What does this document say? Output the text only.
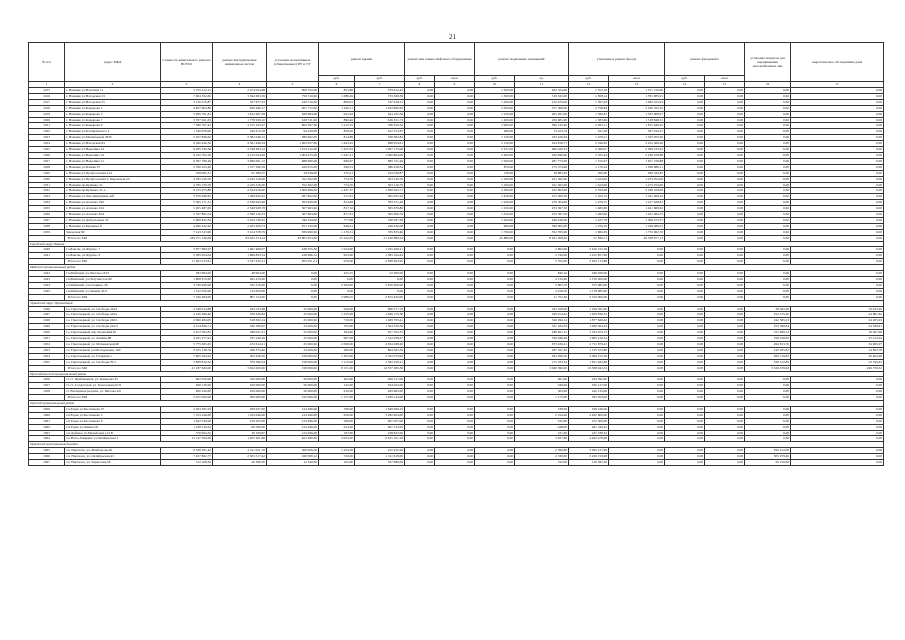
21
№ п/п	Адрес МКД	Стоимость капитального ремонта ВСЕГО	ремонт внутридомовых инженерных систем	установка коллективных (общедомовых) ПУ и УУ	ремонт крыши		ремонт или замена лифтового оборудования		ремонт подвальных помещений		утепление и ремонт фасада		ремонт фундамента		установка пандусов для передвижения маломобильных лиц	энергетическое обследование дома	
					руб.	руб.	руб.	кв.м	руб.	ед.	руб.	кв.м	руб.	кв.м					
1	2	3	4	5	6	7	8	9	10	11	12	13	14	15	16	17	
1015	г. Нальчик ул.Ватутина 11	3 370 412,15	2 474 024,68	608 702,00	853,80	533 612,45	0,00	0,00	1 300,00	262 354,00	1 553,18	1 571 210,00	0,00	0,00	0,00	0,00	
1016	г. Нальчик ул.Нагорская 13	7 004 762,65	3 394 693,39	756 319,00	1 088,49	733 308,39	0,00	0,00	1 300,00	319 345,00	1 858,14	1 781 985,91	0,00	0,00	0,00	0,00	
1017	г. Нальчик ул.Нагорская 25	5 120 270,87	527 677,23	249 310,00	899,91	547 618,21	0,00	0,00	1 200,00	212 476,00	1 597,03	1 482 915,43	0,00	0,00	0,00	0,00	
1018	г. Нальчик ул.Кадырова 1	4 857 603,80	830 296,17	401 772,00	1 450,11	1 043 890,63	0,00	0,00	2 300,00	371 369,00	2 758,84	2 190 352,35	0,00	0,00	0,00	0,00	
1019	г. Нальчик ул.Кадырова 5	5 850 791,81	1 812 667,58	628 684,00	921,02	624 162,36	0,00	0,00	1 250,00	265 497,00	1 599,81	1 533 008,07	0,00	0,00	0,00	0,00	
1020	г. Нальчик ул.Кадырова 7	3 767 041,63	1 776 939,10	618 721,00	890,46	616 351,73	0,00	0,00	1 200,00	256 681,00	1 583,96	1 518 848,31	0,00	0,00	0,00	0,00	
1021	г. Нальчик ул.Кадырова 9	7 380 767,43	3 315 103,27	864 367,00	1 212,55	786 320,32	0,00	0,00	1 900,00	399 120,40	2 055,11	1 815 648,45	0,00	0,00	0,00	0,00	
1022	г. Нальчик ул.Котляревского 4	1 540 678,00	199 415,58	94 229,00	830,20	612 153,87	0,00	0,00	466,00	73 223,76	611,58	567 616,27	0,00	0,00	0,00	0,00	
1023	г. Нальчик ул.Малыбаевой 28 В	5 027 849,62	2 382 048,15	580 962,00	814,89	528 382,82	0,00	0,00	1 150,00	233 429,64	1 479,21	1 323 055,00	0,00	0,00	0,00	0,00	
1024	г. Нальчик ул.Нагорская 93	9 360 440,56	4 501 446,34	1 002 957,00	1 443,45	998 954,01	0,00	0,00	2 150,00	454 816,77	2 349,62	2 252 466,26	0,00	0,00	0,00	0,00	
1025	г. Нальчик ул.Неделина 14	9 285 330,36	4 538 493,12	1 013 212,00	1 455,33	1 007 175,06	0,00	0,00	2 431,00	460 420,33	2 366,07	2 268 233,22	0,00	0,00	0,00	0,00	
1026	г. Нальчик ул.Неделина 16	9 232 702,30	4 155 034,09	1 004 475,00	1 447,21	1 000 864,09	0,00	0,00	2 400,00	450 840,00	2 355,44	2 258 229,88	0,00	0,00	0,00	0,00	
1027	г. Нальчик ул.Неделина 21	6 397 796,49	3 090 061,12	688 690,00	990,67	685 741,49	0,00	0,00	1 500,00	281 775,00	1 722,97	1 651 728,88	0,00	0,00	0,00	0,00	
1028	г. Нальчик ул.Пачева 27	3 766 325,26	1 727 396,59	420 915,00	396,51	386 458,54	0,00	0,00	870,00	175 374,60	1 176,24	1 056 986,11	0,00	0,00	0,00	0,00	
1029	г. Нальчик ул.Профсоюзная 214	558 082,31	61 380,37	29 948,00	270,21	194 526,87	0,00	0,00	130,00	18 883,20	290,06	269 343,87	0,00	0,00	0,00	0,00	
1030	г. Нальчик ул.Профсоюзная 2. Кировская 23	4 795 150,70	2 245 316,00	552 302,00	774,70	503 316,70	0,00	0,00	1 100,00	221 562,00	1 424,00	1 273 254,00	0,00	0,00	0,00	0,00	
1031	г. Нальчик пр.Кулиева, 21	4 795 150,70	2 245 316,00	552 302,00	774,70	503 316,70	0,00	0,00	1 100,00	221 562,00	1 424,00	1 273 254,00	0,00	0,00	0,00	0,00	
1032	г. Нальчик пр.Кулиева, 21-а	9 215 075,88	4 554 919,00	1 009 699,00	1 447,37	1 000 945,71	0,00	0,00	2 300,00	452 893,00	2 350,60	2 258 109,00	0,00	0,00	0,00	0,00	
1033	г. Нальчик ул.Лих.Дмитриева 42б	3 376 298,65	1 599 932,22	367 822,00	517,91	365 655,24	0,00	0,00	1 450,00	272 382,50	1 452,72	1 421 409,42	0,00	0,00	0,00	0,00	
1034	г. Нальчик ул.Ахохова 190	5 365 171,31	2 538 643,06	563 629,00	814,09	563 371,46	0,00	0,00	1 440,00	270 304,00	1 478,15	1 417 028,81	0,00	0,00	0,00	0,00	
1035	г. Нальчик ул.Ахохова 194	5 205 487,65	2 349 928,78	567 963,00	817,52	565 676,86	0,00	0,00	1 250,00	253 397,50	1 482,96	1 421 669,92	0,00	0,00	0,00	0,00	
1036	г. Нальчик ул.Ахохова 30А	5 537 863,54	2 599 120,33	567 964,00	817,61	565 696,76	0,00	0,00	1 250,00	253 397,50	1 482,90	1 421 484,75	0,00	0,00	0,00	0,00	
1037	г. Нальчик ул.Дебуллокова 33	5 069 832,34	2 425 538,45	540 344,00	777,68	538 187,58	0,00	0,00	1 200,00	229 430,00	1 427,76	1 366 272,37	0,00	0,00	0,00	0,00	
1038	г. Нальчик ул.Бауманьа 8	4 290 422,42	2 025 206,73	451 232,00	649,61	449 430,08	0,00	0,00	900,00	369 065,00	1 250,16	1 198 480,01	0,00	0,00	0,00	0,00	
1039	Заводская 82	7 143 323,90	3 414 578,79	839 960,00	1 170,31	765 833,46	0,00	0,00	1 700,00	352 765,00	1 982,09	1 772 962,70	0,00	0,00	0,00	0,00	
	Итого по МО	184 271 146,08	84 633 374,24	29 805 653,00	31 242,05	21 430 890,22	0,00	0,00	45 880,00	8 631 209,30	51 836,71	49 768 077,13	0,00	0,00	0,00	0,00	
Городской округ Баксан																	
1040	г.о.Баксан, ул.Фрунзе, 7	5 877 669,57	1 467 408,07	438 355,36	1 024,00	1 455 499,21	0,00	0,00	0,00	2 862,00	2 616 155,39	0,00	0,00	0,00	0,00	0,00	
1041	г.о.Баксан, ул.Фрунзе, 9	5 585 654,04	1 869 823,54	416 696,12	952,00	1 383 164,44	0,00	0,00	0,00	2 740,00	1 915 857,99	0,00	0,00	0,00	0,00	0,00	
	Итого по МО	11 463 313,61	3 337 432,21	855 051,51	976,00	2 838 663,65	0,00	0,00	0,00	5 552,00	3 932 113,88	0,00	0,00	0,00	0,00	0,00	
Майский муниципальный район																	
1042	г.п.Майский, ул.Энгельса 63/1	283 984,00	48 904,00	0,00	425,25	52 050,00	0,00	0,00	0,00	840,10	180 030,00	0,00	0,00	0,00	0,00	0,00	
1043	г.п.Майский, ул.Энтузиастов 90	1 808 670,00	292 470,00	0,00	0,00	0,00	0,00	0,00	0,00	4 132,00	1 576 200,00	0,00	0,00	0,00	0,00	0,00	
1044	г.п.Майский, ул.Гагарина, 26	3 758 490,00	332 210,00	0,00	2 564,00	2 810 400,00	0,00	0,00	0,00	3 863,70	575 985,00	0,00	0,00	0,00	0,00	0,00	
1045	г.п.Майский, ул.Ленина 43/2	1 312 350,00	133 650,00	0,00	0,00	0,00	0,00	0,00	0,00	2 916,50	1 178 685,00	0,00	0,00	0,00	0,00	0,00	
	Итого по МО	7 160 484,00	807 154,00	0,00	2 989,25	2 872 450,00	0,00	0,00	0,00	11 752,30	3 510 900,00	0,00	0,00	0,00	0,00	0,00	
Урванский округ Прохладный																	
1046	г.о. Прохладный, ул. Свободы 244/1	2 548 014,88	194 533,68	25 000,00	649,00	898 377,76	0,00	0,00	0,00	195 329,00	1 196 595,00	0,00	0,00	0,00	28 362,00	19 433,20	
1047	г.о. Прохладный, ул. Свободы 244/1	4 190 366,40	329 326,82	25 000,00	1 255,00	1 649 170,30	0,00	0,00	0,00	329 914,42	1 929 836,32	0,00	0,00	0,00	252 135,40	24 881,92	
1048	г.о. Прохладный, ул. Свободы 246/1	2 990 484,05	318 302,14	25 000,00	710,00	1 409 793,41	0,00	0,00	0,00	320 296,14	1 877 620,02	0,00	0,00	0,00	242 365,23	24 205,03	
1049	г.о. Прохладный, ул. Свободы 244/4	4 124 846,71	330 390,07	25 000,00	702,00	1 504 336,36	0,00	0,00	0,00	331 184,59	1 936 364,42	0,00	0,00	0,00	253 396,84	24 939,91	
1050	г.о. Прохладный, пер.Зеленский,81	2 472 563,81	188 027,21	25 000,00	394,00	871 762,31	0,00	0,00	0,00	188 821,21	1 103 973,15	0,00	0,00	0,00	211 828,12	19 567,96	
1051	г.о. Прохладный, ул. Ленина,88	4 181 277,91	335 246,29	25 000,00	687,00	1 512 038,27	0,00	0,00	0,00	336 040,09	1 965 210,34	0,00	0,00	0,00	258 228,63	25 212,04	
1052	г.о. Прохладный, ул. Матвеевской,90	5 775 305,25	472 614,21	25 000,00	2 560,00	2 034 268,20	0,00	0,00	0,00	673 436,21	2 711 879,22	0,00	0,00	0,00	494 813,70	34 965,97	
1053	г.о. Прохладный, ул.Молодежная, 169	2 455 138,76	186 373,46	25 000,00	280,00	864 595,39	0,00	0,00	0,00	187 167,45	1 135 913,80	0,00	0,00	0,00	210 185,87	14 852,78	
1054	г.о. Прохладный, ул. Гагарина,1	7 665 594,02	502 456,50	158 000,00	1 303,00	2 702 679,93	0,00	0,00	0,00	593 290,50	3 599 155,36	0,00	0,00	0,00	656 719,65	45 404,28	
1055	г.о. Прохладный, ул. Свободы,70/1	3 858 819,32	379 399,54	158 000,00	1 115,00	1 392 256,21	0,00	0,00	0,00	175 183,54	1 811 643,68	0,00	0,00	0,00	328 312,85	23 559,45	
	Итого по МО	41 187 620,00	3 022 650,00	158 000,00	8 151,00	14 557 009,30	0,00	0,00	0,00	3 040 390,00	19 308 943,32	0,00	0,00	0,00	3 529 478,63	249 739,52	
Прохладненский муниципальный район																	
1056	ст. ст. Приближная, ул. Комарова 35	602 550,00	100 000,00	50 000,00	402,00	409 157,00	0,00	0,00	0,00	461,00	163 392,00	0,00	0,00	0,00	0,00	0,00	
1057	ст. ст. Солдатская, ул. Калеганова,9с/9	649 130,00	100 000,00	50 000,00	145,00	354 022,00	0,00	0,00	0,00	349,00	190 127,00	0,00	0,00	0,00	0,00	0,00	
1058	ст. Екатериноградская, ул. Шетова 4/0	820 320,00	100 000,00	50 000,00	610,00	445 965,00	0,00	0,00	0,00	363,00	242 135,00	0,00	0,00	0,00	0,00	0,00	
	Итого по МО	2 072 000,00	300 000,00	150 000,00	1 157,00	1 209 144,00	0,00	0,00	0,00	1 173,00	595 654,00	0,00	0,00	0,00	0,00	0,00	
Терский муниципальный район																	
1059	г.п.Терек ул.Бесланеева 27	2 493 595,23	180 937,00	124 496,00	790,00	1 649 009,23	0,00	0,00	0,00	538,00	539 240,00	0,00	0,00	0,00	0,00	0,00	
1060	г.п.Терек ул.Бесланеева 3	7 233 246,00	1 193 046,00	124 496,00	956,00	3 282 904,00	0,00	0,00	0,00	2 194,00	2 632 800,00	0,00	0,00	0,00	0,00	0,00	
1061	г.п.Терек ул.Бесланеева 8	1 622 539,00	159 205,00	124 496,00	506,00	907 207,00	0,00	0,00	0,00	432,00	472 300,00	0,00	0,00	0,00	0,00	0,00	
1062	г.п.Терек ул.Ленина 81	1 258 518,32	99 596,00	124 496,00	614,20	607 133,95	0,00	0,00	0,00	448,00	461 540,42	0,00	0,00	0,00	0,00	0,00	
1063	с.п.Дейское ул.Малыбаева 121 Б	370 064,32	29 199,87	124 496,00	187,60	168 847,00	0,00	0,00	0,00	231,00	247 538,32	0,00	0,00	0,00	0,00	0,00	
1064	с.п.Ново-Хамидие ул.Октябрьская 3	15 147 500,00	1 265 361,66	622 480,00	3 053,00	6 615 101,18	0,00	0,00	0,00	3 927,60	4 264 478,96	0,00	0,00	0,00	0,00	0,00	
Урванский муниципальный район																	
1065	г.п. Нарткала, ул. Жамборова,20	8 328 361,42	3 411 021,70	360 008,30	1 254,30	252 250,26	0,00	0,00	0,00	2 390,80	3 495 217,99	0,00	0,00	0,00	810 212,00	0,00	
1066	г.п. Нарткала, ул. Октябрьская,43	7 457 862,77	2 305 517,42	166 508,12	720,00	1 311 618,09	0,00	0,00	0,00	2 330,00	3 169 159,68	0,00	0,00	0,00	505 979,00	0,00	
1067	г.п. Нарткала, ул. Черкесова,58	312 108,50	26 380,50	12 340,00	165,00	327 980,00	0,00	0,00	0,00	332,00	129 585,30	0,00	0,00	0,00	56 210,00	0,00	
